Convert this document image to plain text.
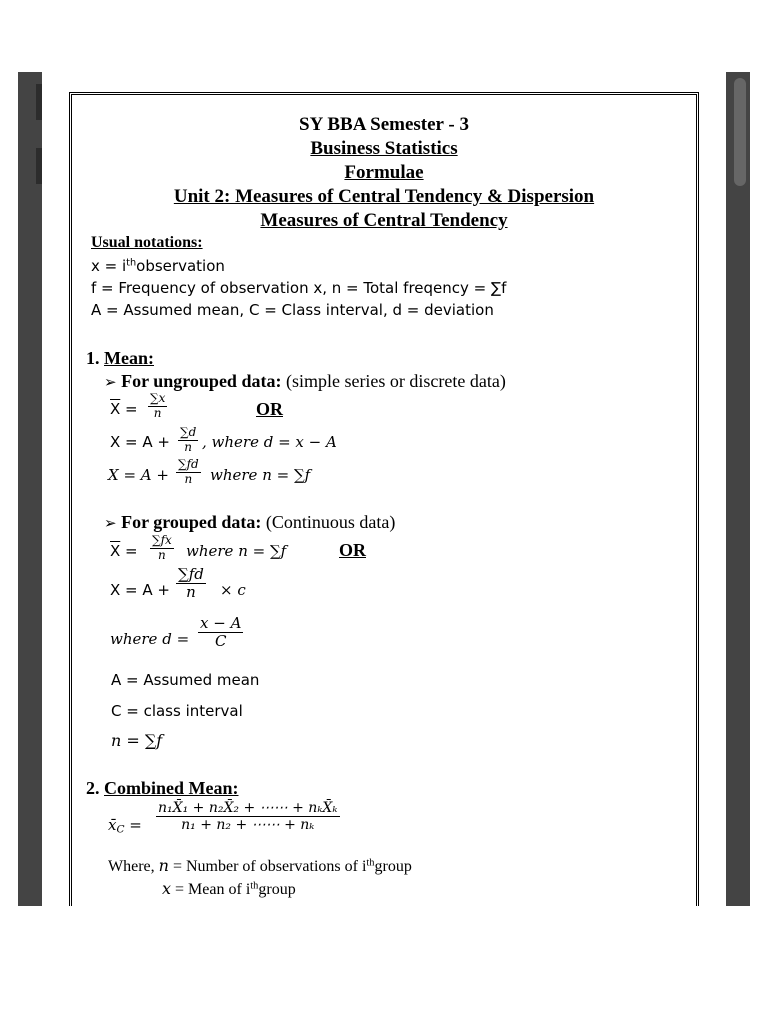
SY BBA Semester - 3
Business Statistics
Formulae
Unit 2: Measures of Central Tendency & Dispersion
Measures of Central Tendency
Usual notations:
$x = i^{th}observation$
f = Frequency of observation x, n = Total freqency = ∑f
A = Assumed mean, C = Class interval, d = deviation
1. Mean:
➢ For ungrouped data: (simple series or discrete data)
$\overline{X}$ =
∑x
n	OR
X = A +
∑d
n , where d = x − A
X = A +
∑fd
n where n = ∑f
➢ For grouped data: (Continuous data)
$\overline{X}$ =
∑fx
n where n = ∑f	OR
X = A +
∑fd
n × c
where d =
x − A
C
A = Assumed mean
C = class interval
n = ∑f
2. Combined Mean:
$x̄_C$ =
n₁X̄₁ + n₂X̄₂ + ⋯⋯ + nₖX̄ₖ
n₁ + n₂ + ⋯⋯ + nₖ
Where, n = Number of observations of $i^{th}group$
x = Mean of $i^{th}group$
